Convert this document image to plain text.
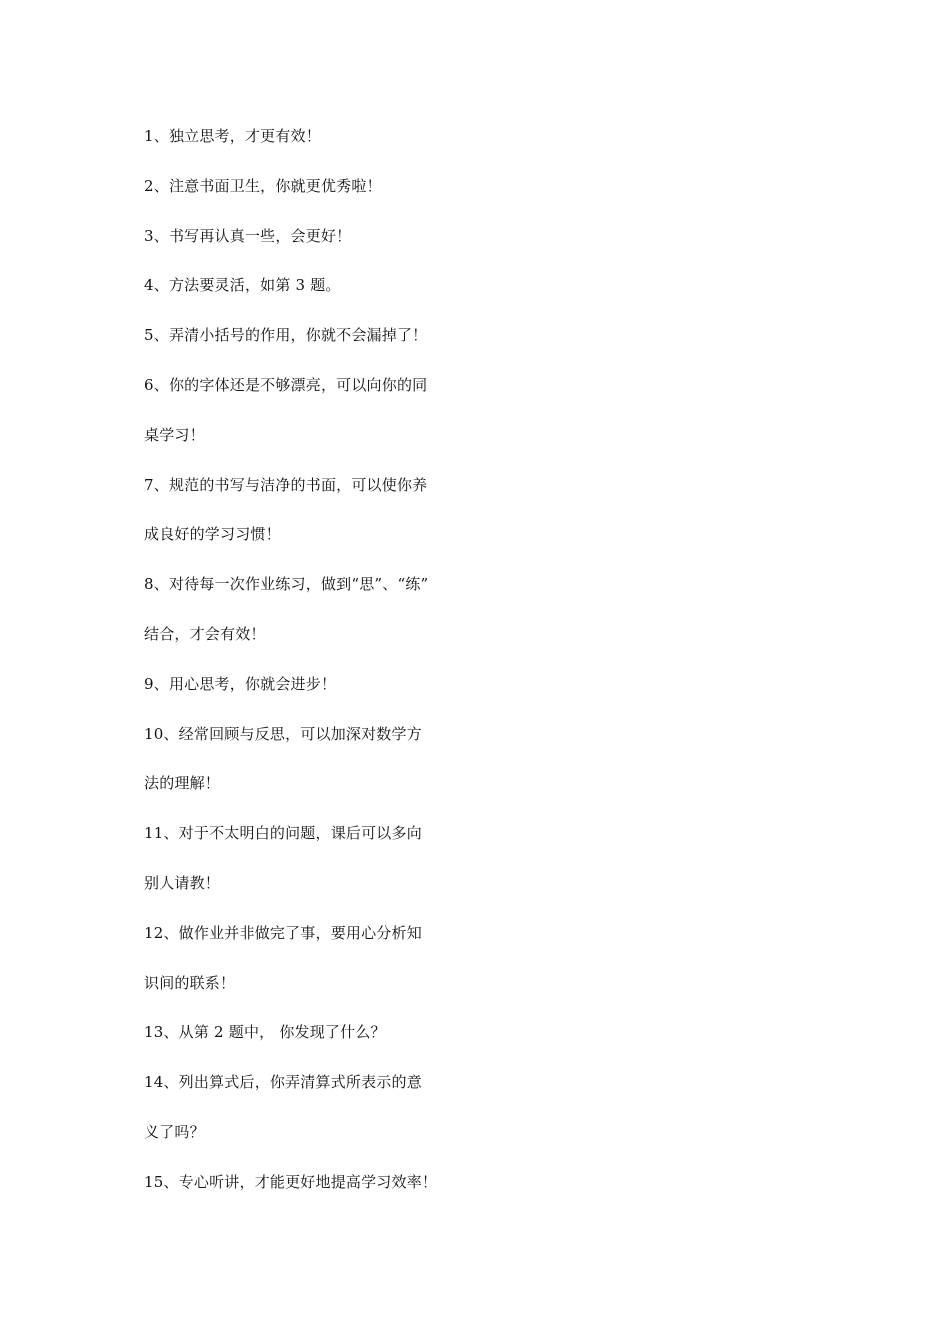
1、独立思考，才更有效！
2、注意书面卫生，你就更优秀啦！
3、书写再认真一些，会更好！
4、方法要灵活，如第 3 题。
5、弄清小括号的作用，你就不会漏掉了！
6、你的字体还是不够漂亮，可以向你的同
桌学习！
7、规范的书写与洁净的书面，可以使你养
成良好的学习习惯！
8、对待每一次作业练习，做到“思”、“练”
结合，才会有效！
9、用心思考，你就会进步！
10、经常回顾与反思，可以加深对数学方
法的理解！
11、对于不太明白的问题，课后可以多向
别人请教！
12、做作业并非做完了事，要用心分析知
识间的联系！
13、从第 2 题中， 你发现了什么？
14、列出算式后，你弄清算式所表示的意
义了吗？
15、专心听讲，才能更好地提高学习效率！
